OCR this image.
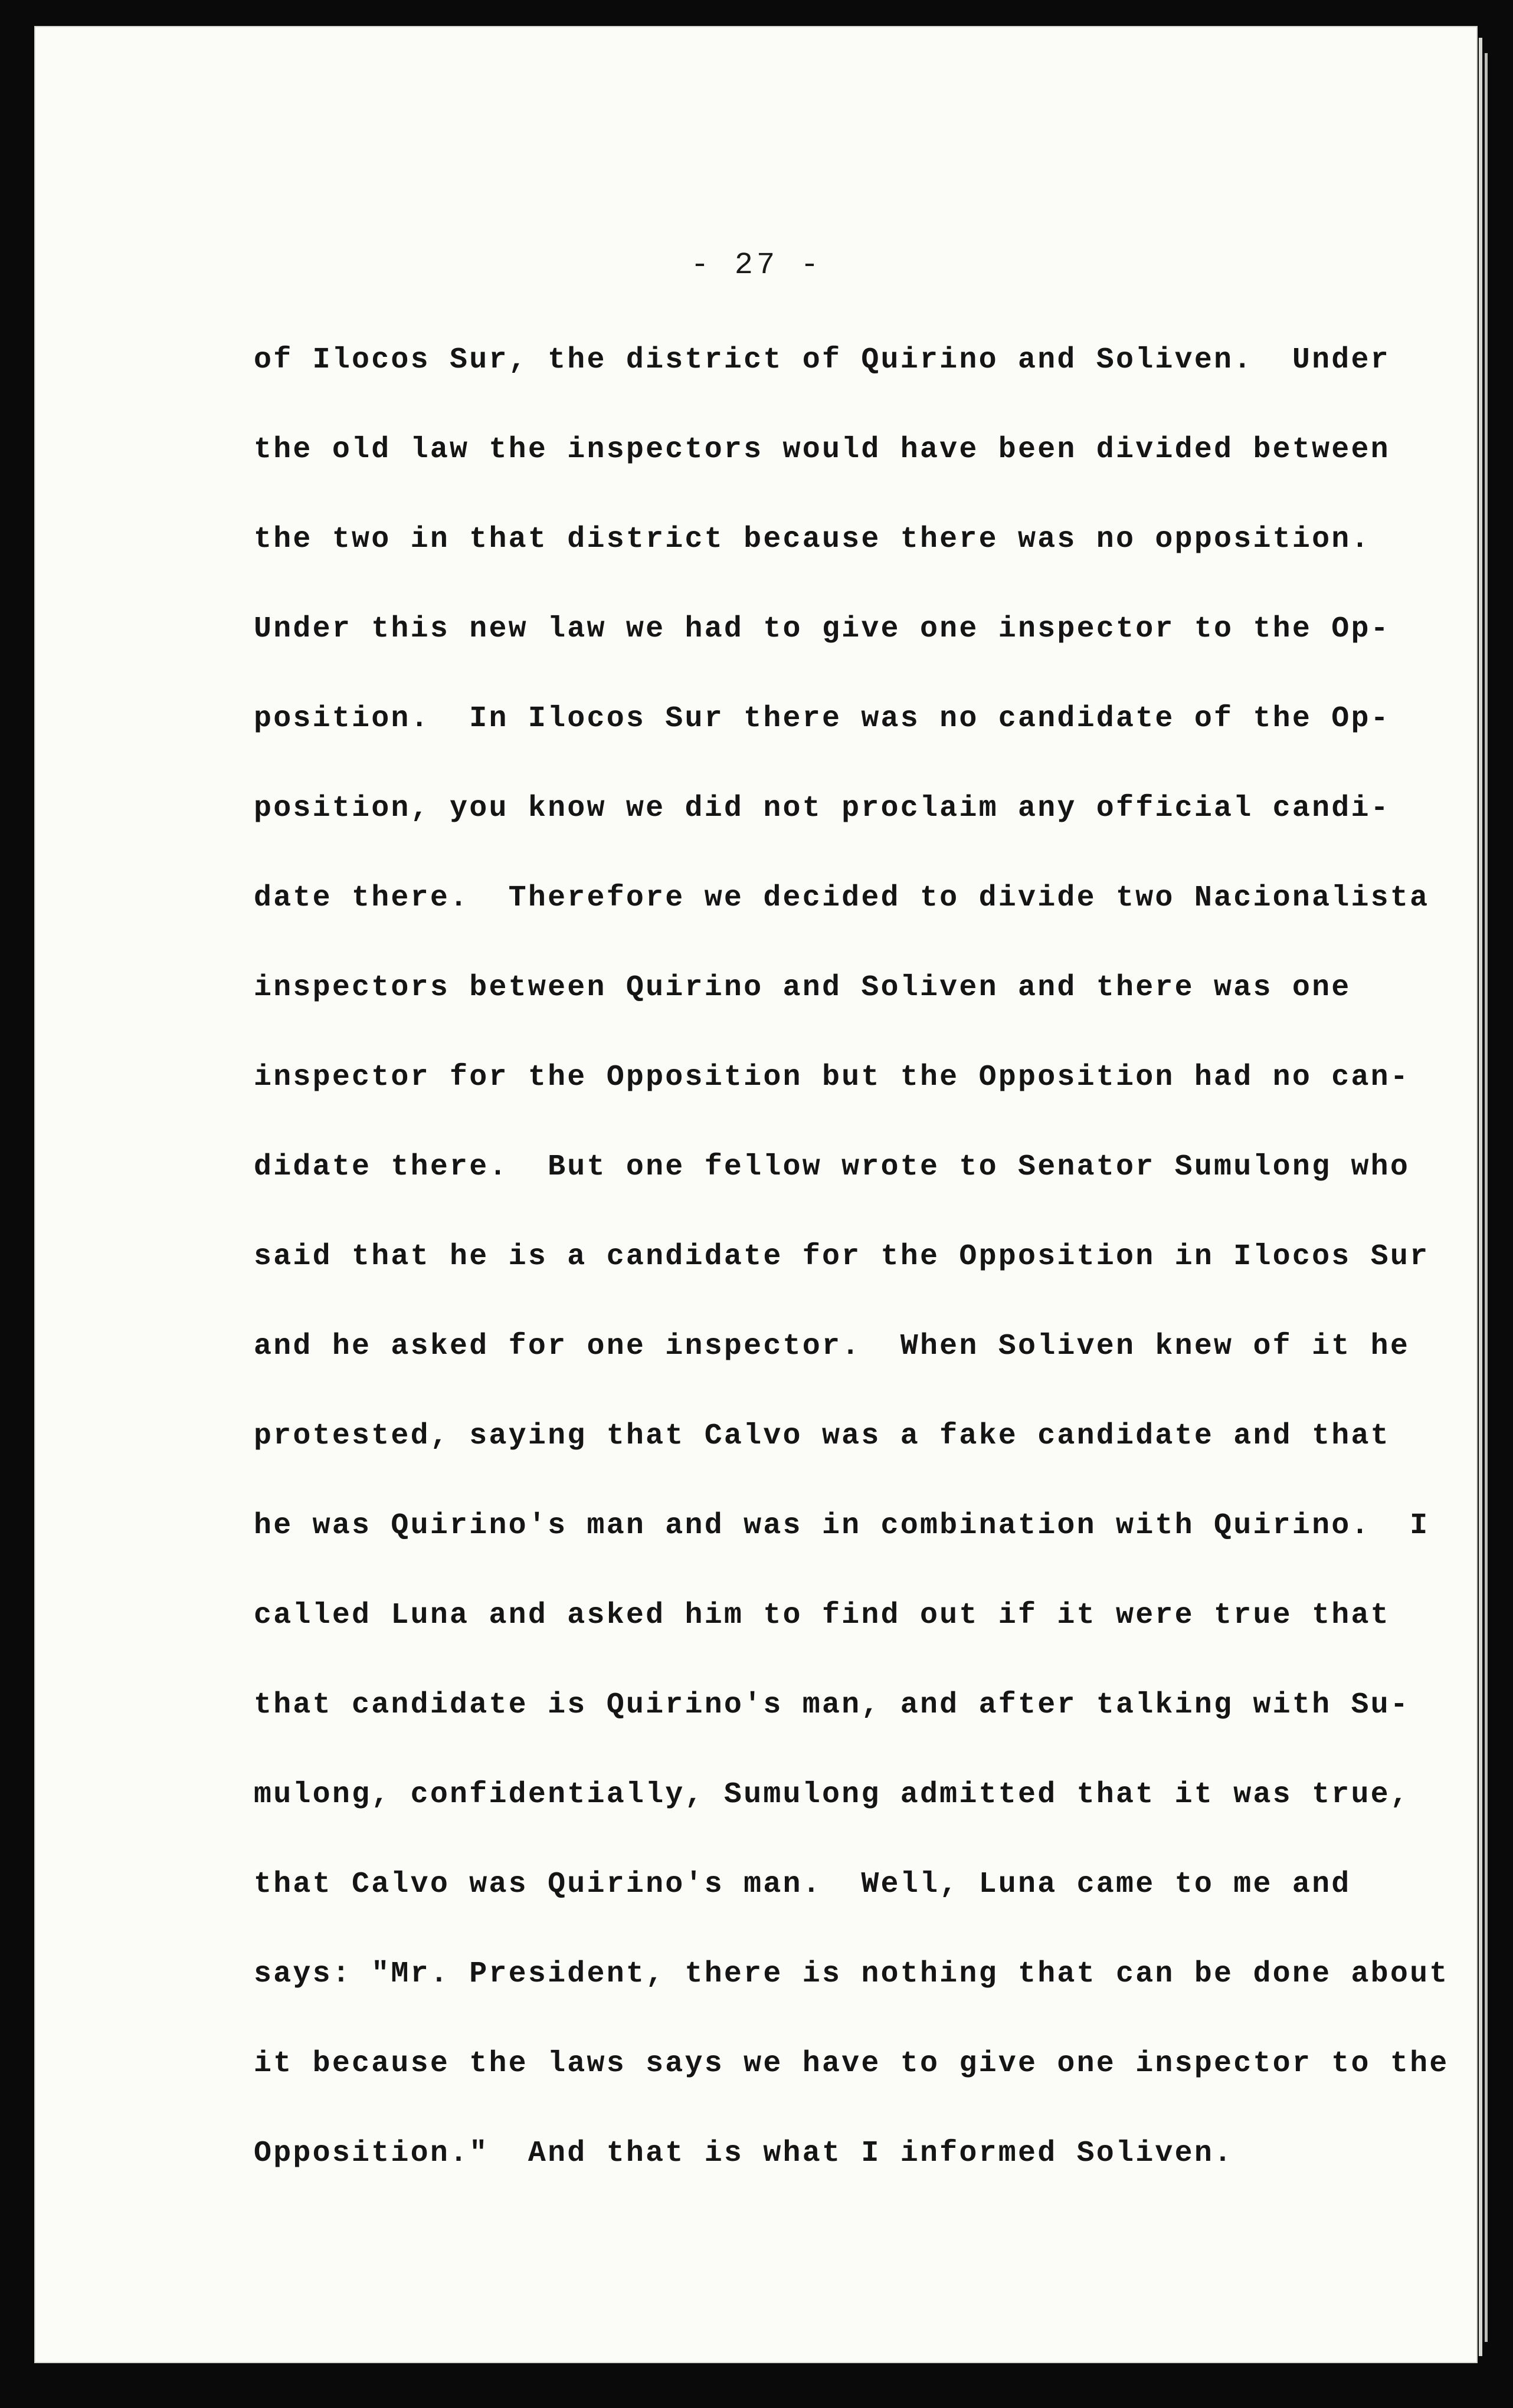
- 27 -
of Ilocos Sur, the district of Quirino and Soliven.  Under
the old law the inspectors would have been divided between
the two in that district because there was no opposition.
Under this new law we had to give one inspector to the Op-
position.  In Ilocos Sur there was no candidate of the Op-
position, you know we did not proclaim any official candi-
date there.  Therefore we decided to divide two Nacionalista
inspectors between Quirino and Soliven and there was one
inspector for the Opposition but the Opposition had no can-
didate there.  But one fellow wrote to Senator Sumulong who
said that he is a candidate for the Opposition in Ilocos Sur
and he asked for one inspector.  When Soliven knew of it he
protested, saying that Calvo was a fake candidate and that
he was Quirino's man and was in combination with Quirino.  I
called Luna and asked him to find out if it were true that
that candidate is Quirino's man, and after talking with Su-
mulong, confidentially, Sumulong admitted that it was true,
that Calvo was Quirino's man.  Well, Luna came to me and
says: "Mr. President, there is nothing that can be done about
it because the laws says we have to give one inspector to the
Opposition."  And that is what I informed Soliven.
